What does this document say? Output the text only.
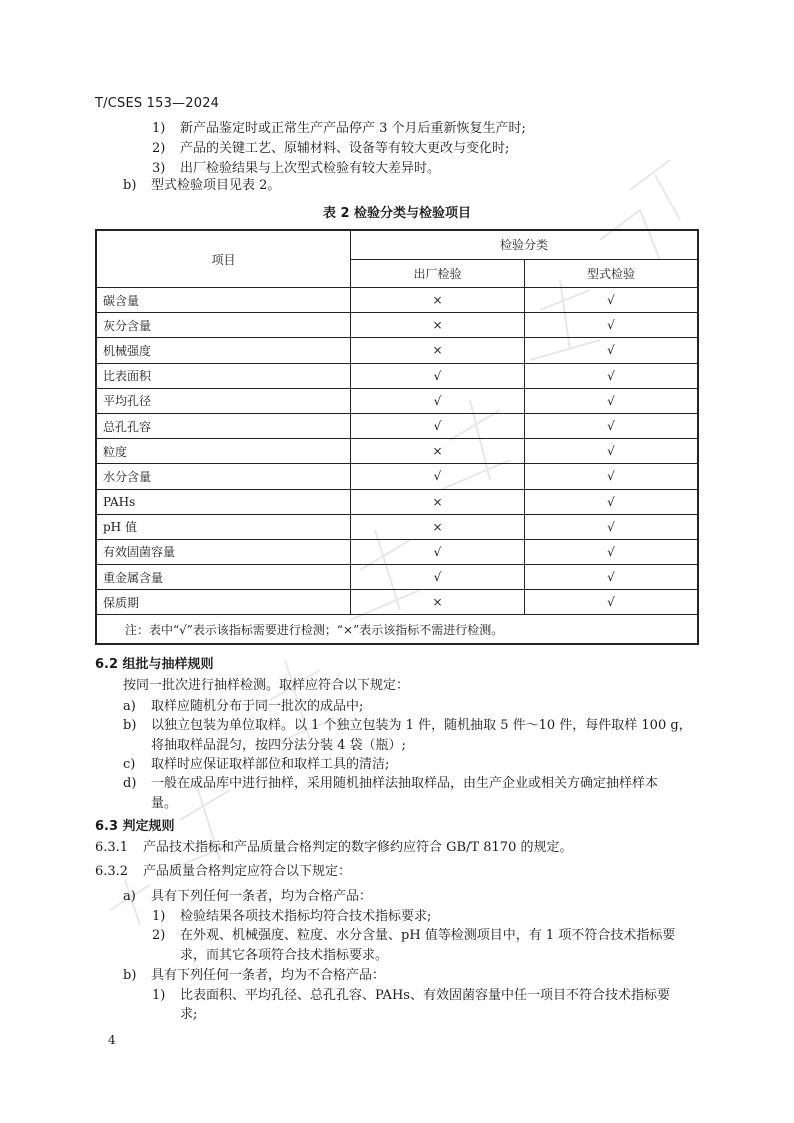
T/CSES 153—2024
1) 新产品鉴定时或正常生产产品停产 3 个月后重新恢复生产时;
2) 产品的关键工艺、原辅材料、设备等有较大更改与变化时;
3) 出厂检验结果与上次型式检验有较大差异时。
b) 型式检验项目见表 2。
表 2 检验分类与检验项目
项目	检验分类	
	出厂检验	型式检验
碳含量	×	√
灰分含量	×	√
机械强度	×	√
比表面积	√	√
平均孔径	√	√
总孔孔容	√	√
粒度	×	√
水分含量	√	√
PAHs	×	√
pH 值	×	√
有效固菌容量	√	√
重金属含量	√	√
保质期	×	√
注：表中“√”表示该指标需要进行检测；“×”表示该指标不需进行检测。		
6.2 组批与抽样规则
按同一批次进行抽样检测。取样应符合以下规定：
a) 取样应随机分布于同一批次的成品中;
b) 以独立包装为单位取样。以 1 个独立包装为 1 件，随机抽取 5 件～10 件，每件取样 100 g，
将抽取样品混匀，按四分法分装 4 袋（瓶）;
c) 取样时应保证取样部位和取样工具的清洁;
d) 一般在成品库中进行抽样，采用随机抽样法抽取样品，由生产企业或相关方确定抽样样本
量。
6.3 判定规则
6.3.1 产品技术指标和产品质量合格判定的数字修约应符合 GB/T 8170 的规定。
6.3.2 产品质量合格判定应符合以下规定：
a) 具有下列任何一条者，均为合格产品：
1) 检验结果各项技术指标均符合技术指标要求;
2) 在外观、机械强度、粒度、水分含量、pH 值等检测项目中，有 1 项不符合技术指标要
求，而其它各项符合技术指标要求。
b) 具有下列任何一条者，均为不合格产品：
1) 比表面积、平均孔径、总孔孔容、PAHs、有效固菌容量中任一项目不符合技术指标要
求;
4
